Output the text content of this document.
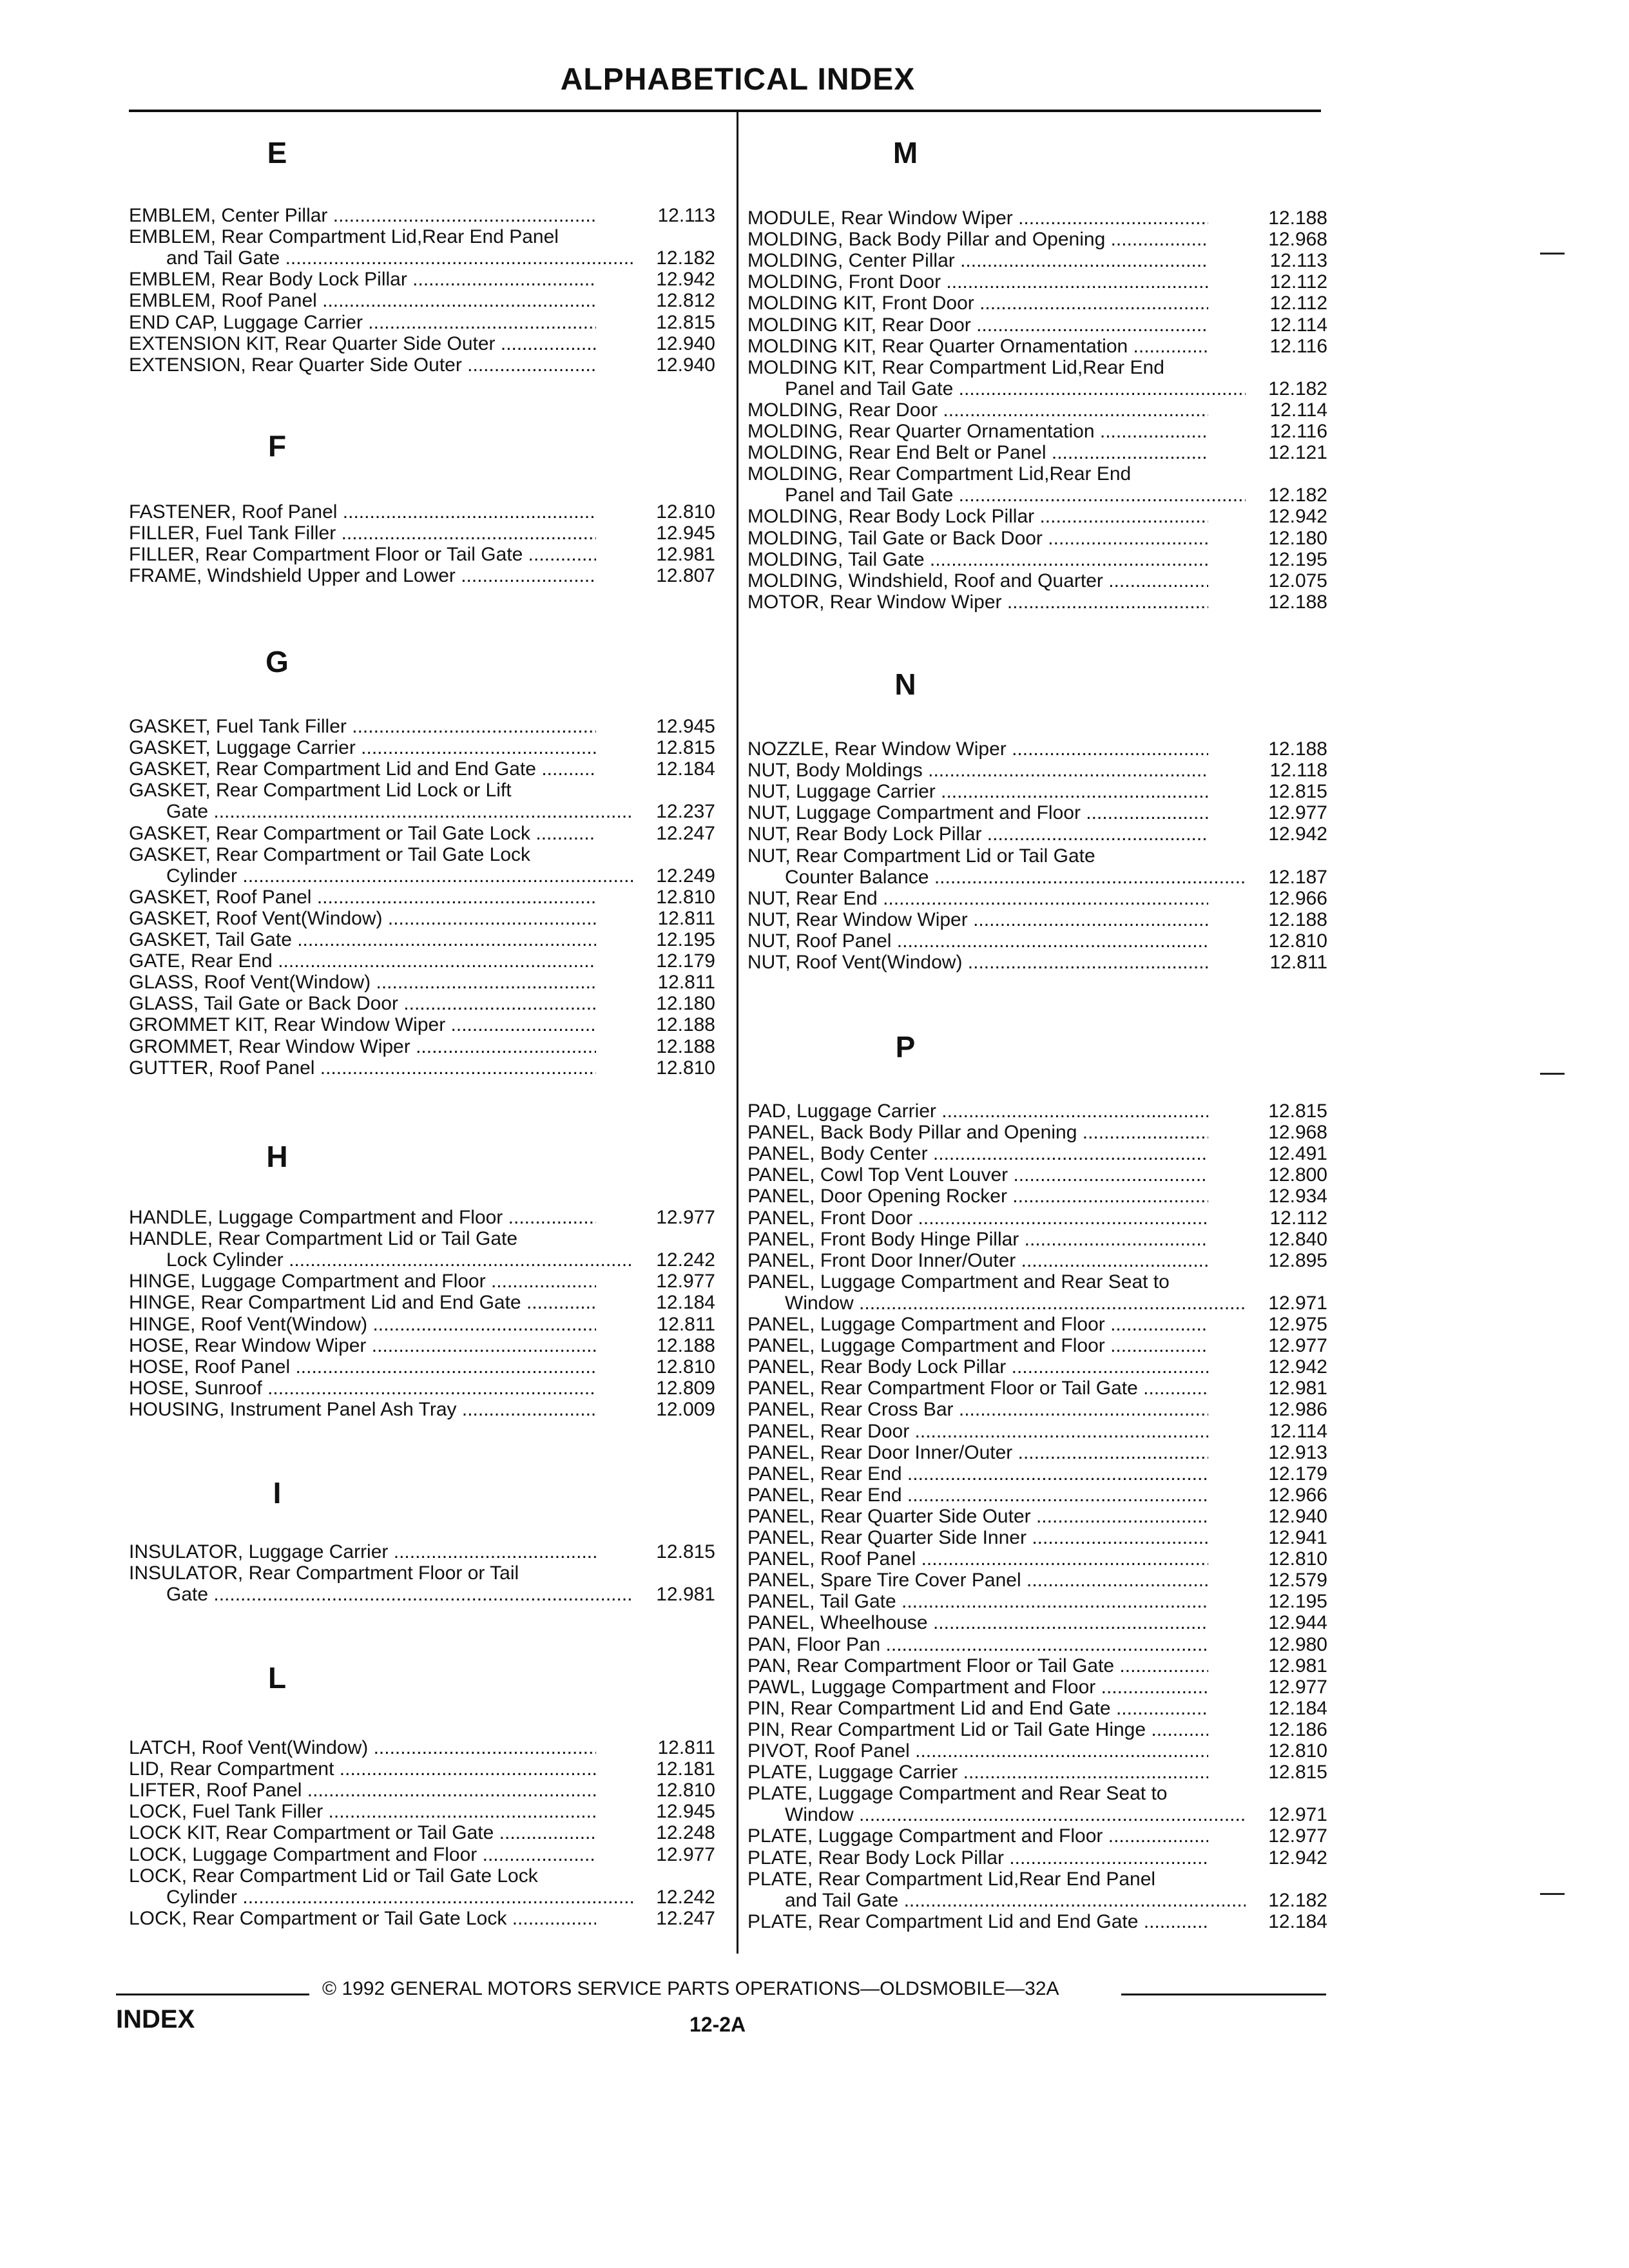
ALPHABETICAL INDEX
E
EMBLEM, Center Pillar .....	12.113
EMBLEM, Rear Compartment Lid,Rear End Panel
and Tail Gate .....	12.182
EMBLEM, Rear Body Lock Pillar .....	12.942
EMBLEM, Roof Panel .....	12.812
END CAP, Luggage Carrier .....	12.815
EXTENSION KIT, Rear Quarter Side Outer .....	12.940
EXTENSION, Rear Quarter Side Outer .....	12.940
F
FASTENER, Roof Panel .....	12.810
FILLER, Fuel Tank Filler .....	12.945
FILLER, Rear Compartment Floor or Tail Gate .....	12.981
FRAME, Windshield Upper and Lower .....	12.807
G
GASKET, Fuel Tank Filler .....	12.945
GASKET, Luggage Carrier .....	12.815
GASKET, Rear Compartment Lid and End Gate .....	12.184
GASKET, Rear Compartment Lid Lock or Lift
Gate .....	12.237
GASKET, Rear Compartment or Tail Gate Lock .....	12.247
GASKET, Rear Compartment or Tail Gate Lock
Cylinder .....	12.249
GASKET, Roof Panel .....	12.810
GASKET, Roof Vent(Window) .....	12.811
GASKET, Tail Gate .....	12.195
GATE, Rear End .....	12.179
GLASS, Roof Vent(Window) .....	12.811
GLASS, Tail Gate or Back Door .....	12.180
GROMMET KIT, Rear Window Wiper .....	12.188
GROMMET, Rear Window Wiper .....	12.188
GUTTER, Roof Panel .....	12.810
H
HANDLE, Luggage Compartment and Floor .....	12.977
HANDLE, Rear Compartment Lid or Tail Gate
Lock Cylinder .....	12.242
HINGE, Luggage Compartment and Floor .....	12.977
HINGE, Rear Compartment Lid and End Gate .....	12.184
HINGE, Roof Vent(Window) .....	12.811
HOSE, Rear Window Wiper .....	12.188
HOSE, Roof Panel .....	12.810
HOSE, Sunroof .....	12.809
HOUSING, Instrument Panel Ash Tray .....	12.009
I
INSULATOR, Luggage Carrier .....	12.815
INSULATOR, Rear Compartment Floor or Tail
Gate .....	12.981
L
LATCH, Roof Vent(Window) .....	12.811
LID, Rear Compartment .....	12.181
LIFTER, Roof Panel .....	12.810
LOCK, Fuel Tank Filler .....	12.945
LOCK KIT, Rear Compartment or Tail Gate .....	12.248
LOCK, Luggage Compartment and Floor .....	12.977
LOCK, Rear Compartment Lid or Tail Gate Lock
Cylinder .....	12.242
LOCK, Rear Compartment or Tail Gate Lock .....	12.247
M
MODULE, Rear Window Wiper .....	12.188
MOLDING, Back Body Pillar and Opening .....	12.968
MOLDING, Center Pillar .....	12.113
MOLDING, Front Door .....	12.112
MOLDING KIT, Front Door .....	12.112
MOLDING KIT, Rear Door .....	12.114
MOLDING KIT, Rear Quarter Ornamentation .....	12.116
MOLDING KIT, Rear Compartment Lid,Rear End
Panel and Tail Gate .....	12.182
MOLDING, Rear Door .....	12.114
MOLDING, Rear Quarter Ornamentation .....	12.116
MOLDING, Rear End Belt or Panel .....	12.121
MOLDING, Rear Compartment Lid,Rear End
Panel and Tail Gate .....	12.182
MOLDING, Rear Body Lock Pillar .....	12.942
MOLDING, Tail Gate or Back Door .....	12.180
MOLDING, Tail Gate .....	12.195
MOLDING, Windshield, Roof and Quarter .....	12.075
MOTOR, Rear Window Wiper .....	12.188
N
NOZZLE, Rear Window Wiper .....	12.188
NUT, Body Moldings .....	12.118
NUT, Luggage Carrier .....	12.815
NUT, Luggage Compartment and Floor .....	12.977
NUT, Rear Body Lock Pillar .....	12.942
NUT, Rear Compartment Lid or Tail Gate
Counter Balance .....	12.187
NUT, Rear End .....	12.966
NUT, Rear Window Wiper .....	12.188
NUT, Roof Panel .....	12.810
NUT, Roof Vent(Window) .....	12.811
P
PAD, Luggage Carrier .....	12.815
PANEL, Back Body Pillar and Opening .....	12.968
PANEL, Body Center .....	12.491
PANEL, Cowl Top Vent Louver .....	12.800
PANEL, Door Opening Rocker .....	12.934
PANEL, Front Door .....	12.112
PANEL, Front Body Hinge Pillar .....	12.840
PANEL, Front Door Inner/Outer .....	12.895
PANEL, Luggage Compartment and Rear Seat to
Window .....	12.971
PANEL, Luggage Compartment and Floor .....	12.975
PANEL, Luggage Compartment and Floor .....	12.977
PANEL, Rear Body Lock Pillar .....	12.942
PANEL, Rear Compartment Floor or Tail Gate .....	12.981
PANEL, Rear Cross Bar .....	12.986
PANEL, Rear Door .....	12.114
PANEL, Rear Door Inner/Outer .....	12.913
PANEL, Rear End .....	12.179
PANEL, Rear End .....	12.966
PANEL, Rear Quarter Side Outer .....	12.940
PANEL, Rear Quarter Side Inner .....	12.941
PANEL, Roof Panel .....	12.810
PANEL, Spare Tire Cover Panel .....	12.579
PANEL, Tail Gate .....	12.195
PANEL, Wheelhouse .....	12.944
PAN, Floor Pan .....	12.980
PAN, Rear Compartment Floor or Tail Gate .....	12.981
PAWL, Luggage Compartment and Floor .....	12.977
PIN, Rear Compartment Lid and End Gate .....	12.184
PIN, Rear Compartment Lid or Tail Gate Hinge .....	12.186
PIVOT, Roof Panel .....	12.810
PLATE, Luggage Carrier .....	12.815
PLATE, Luggage Compartment and Rear Seat to
Window .....	12.971
PLATE, Luggage Compartment and Floor .....	12.977
PLATE, Rear Body Lock Pillar .....	12.942
PLATE, Rear Compartment Lid,Rear End Panel
and Tail Gate .....	12.182
PLATE, Rear Compartment Lid and End Gate .....	12.184
© 1992 GENERAL MOTORS SERVICE PARTS OPERATIONS—OLDSMOBILE—32A
INDEX	12-2A
